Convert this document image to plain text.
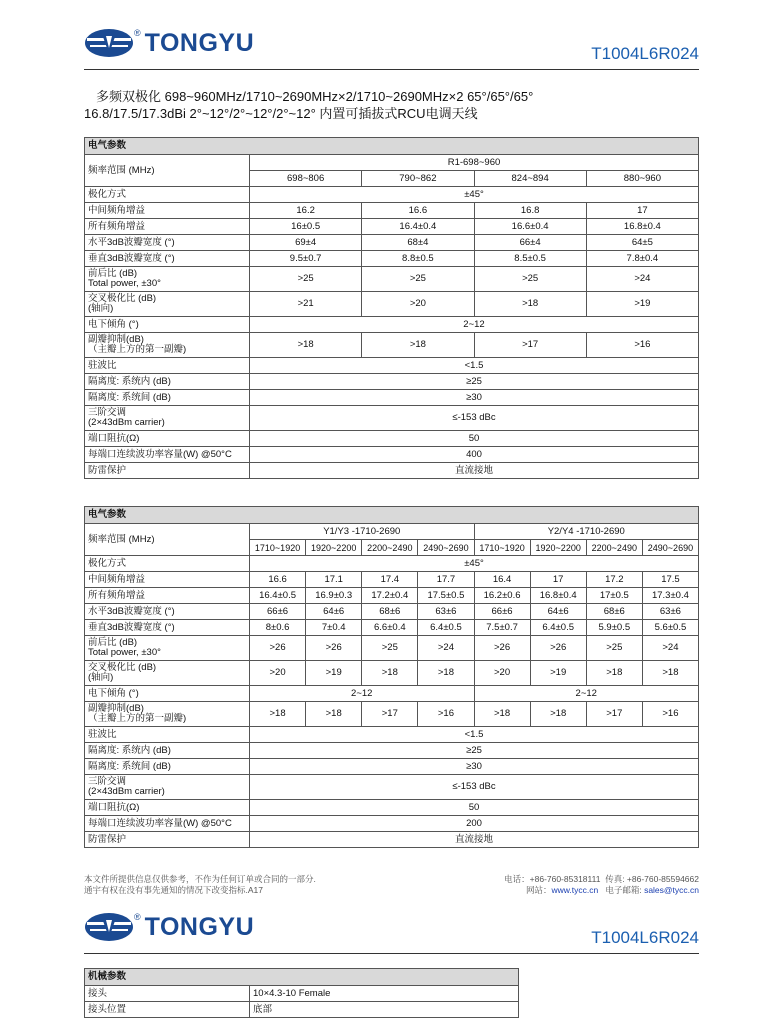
® TONGYU	T1004L6R024
多频双极化 698~960MHz/1710~2690MHz×2/1710~2690MHz×2 65°/65°/65°
16.8/17.5/17.3dBi 2°~12°/2°~12°/2°~12° 内置可插拔式RCU电调天线
电气参数				
频率范围 (MHz)	R1-698~960			
	698~806	790~862	824~894	880~960

极化方式	±45°			

中间频角增益	16.2	16.6	16.8	17

所有频角增益	16±0.5	16.4±0.4	16.6±0.4	16.8±0.4

水平3dB波瓣宽度 (°)	69±4	68±4	66±4	64±5

垂直3dB波瓣宽度 (°)	9.5±0.7	8.8±0.5	8.5±0.5	7.8±0.4

前后比 (dB)
Total power, ±30°	>25	>25	>25	>24

交叉极化比 (dB)
(轴向)	>21	>20	>18	>19

电下倾角 (°)	2~12			

副瓣抑制(dB)
（主瓣上方的第一副瓣)	>18	>18	>17	>16

驻波比	<1.5			

隔离度: 系统内 (dB)	≥25			

隔离度: 系统间 (dB)	≥30			

三阶交调
(2×43dBm carrier)	≤-153 dBc			

端口阻抗(Ω)	50			

每端口连续波功率容量(W) @50°C	400			

防雷保护	直流接地			
电气参数								
频率范围 (MHz)	Y1/Y3 -1710-2690				Y2/Y4 -1710-2690			
	1710~1920	1920~2200	2200~2490	2490~2690	1710~1920	1920~2200	2200~2490	2490~2690

极化方式	±45°							

中间频角增益	16.6	17.1	17.4	17.7	16.4	17	17.2	17.5

所有频角增益	16.4±0.5	16.9±0.3	17.2±0.4	17.5±0.5	16.2±0.6	16.8±0.4	17±0.5	17.3±0.4

水平3dB波瓣宽度 (°)	66±6	64±6	68±6	63±6	66±6	64±6	68±6	63±6

垂直3dB波瓣宽度 (°)	8±0.6	7±0.4	6.6±0.4	6.4±0.5	7.5±0.7	6.4±0.5	5.9±0.5	5.6±0.5

前后比 (dB)
Total power, ±30°	>26	>26	>25	>24	>26	>26	>25	>24

交叉极化比 (dB)
(轴向)	>20	>19	>18	>18	>20	>19	>18	>18

电下倾角 (°)	2~12				2~12			

副瓣抑制(dB)
（主瓣上方的第一副瓣)	>18	>18	>17	>16	>18	>18	>17	>16

驻波比	<1.5							

隔离度: 系统内 (dB)	≥25							

隔离度: 系统间 (dB)	≥30							

三阶交调
(2×43dBm carrier)	≤-153 dBc							

端口阻抗(Ω)	50							

每端口连续波功率容量(W) @50°C	200							

防雷保护	直流接地							
本文件所提供信息仅供参考，不作为任何订单或合同的一部分.
通宇有权在没有事先通知的情况下改变指标.A17
电话：+86-760-85318111 传真: +86-760-85594662
网站：www.tycc.cn 电子邮箱: sales@tycc.cn
® TONGYU	T1004L6R024
机械参数	
接头	10×4.3-10 Female
接头位置	底部
